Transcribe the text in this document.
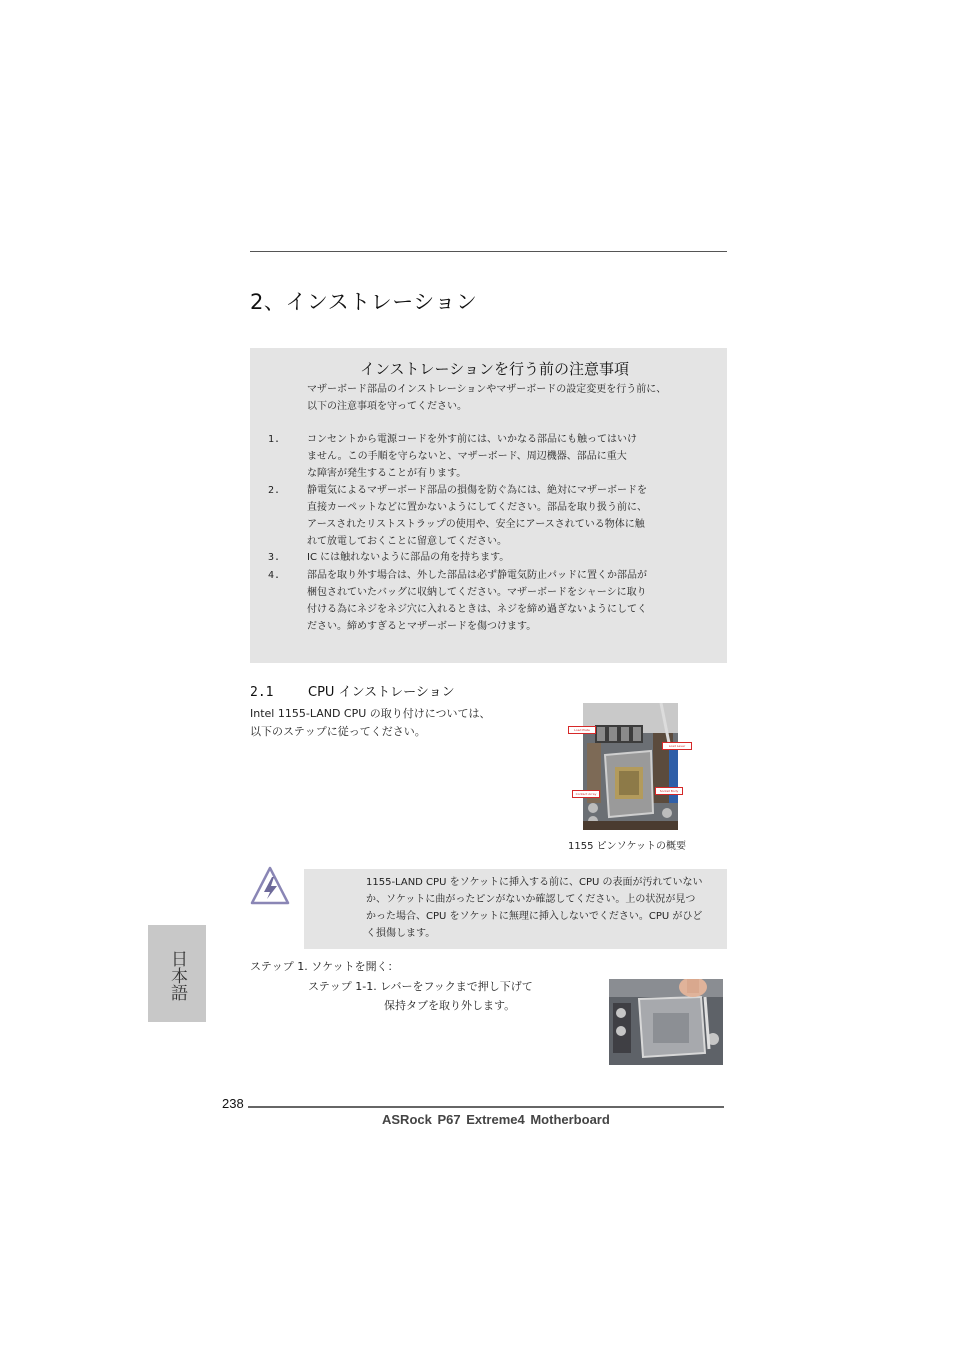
2、インストレーション
インストレーションを行う前の注意事項
マザーボード部品のインストレーションやマザーボードの設定変更を行う前に、
以下の注意事項を守ってください。
1.	コンセントから電源コードを外す前には、いかなる部品にも触ってはいけ
ません。この手順を守らないと、マザーボード、周辺機器、部品に重大
な障害が発生することが有ります。
2.	静電気によるマザーボード部品の損傷を防ぐ為には、絶対にマザーボードを
直接カーペットなどに置かないようにしてください。部品を取り扱う前に、
アースされたリストストラップの使用や、安全にアースされている物体に触
れて放電しておくことに留意してください。
3.	IC には触れないように部品の角を持ちます。
4.	部品を取り外す場合は、外した部品は必ず静電気防止パッドに置くか部品が
梱包されていたバッグに収納してください。マザーボードをシャーシに取り
付ける為にネジをネジ穴に入れるときは、ネジを締め過ぎないようにしてく
ださい。締めすぎるとマザーボードを傷つけます。
2.1	CPU インストレーション
Intel 1155-LAND CPU の取り付けについては、
以下のステップに従ってください。	Load Plate
Load Lever
Contact Array
Socket Body
1155 ピンソケットの概要
1155-LAND CPU をソケットに挿入する前に、CPU の表面が汚れていない
か、ソケットに曲がったピンがないか確認してください。上の状況が見つ
かった場合、CPU をソケットに無理に挿入しないでください。CPU がひど
く損傷します。
ステップ 1. ソケットを開く：
ステップ 1-1. レバーをフックまで押し下げて
保持タブを取り外します。
日本語
238
ASRock P67 Extreme4 Motherboard
